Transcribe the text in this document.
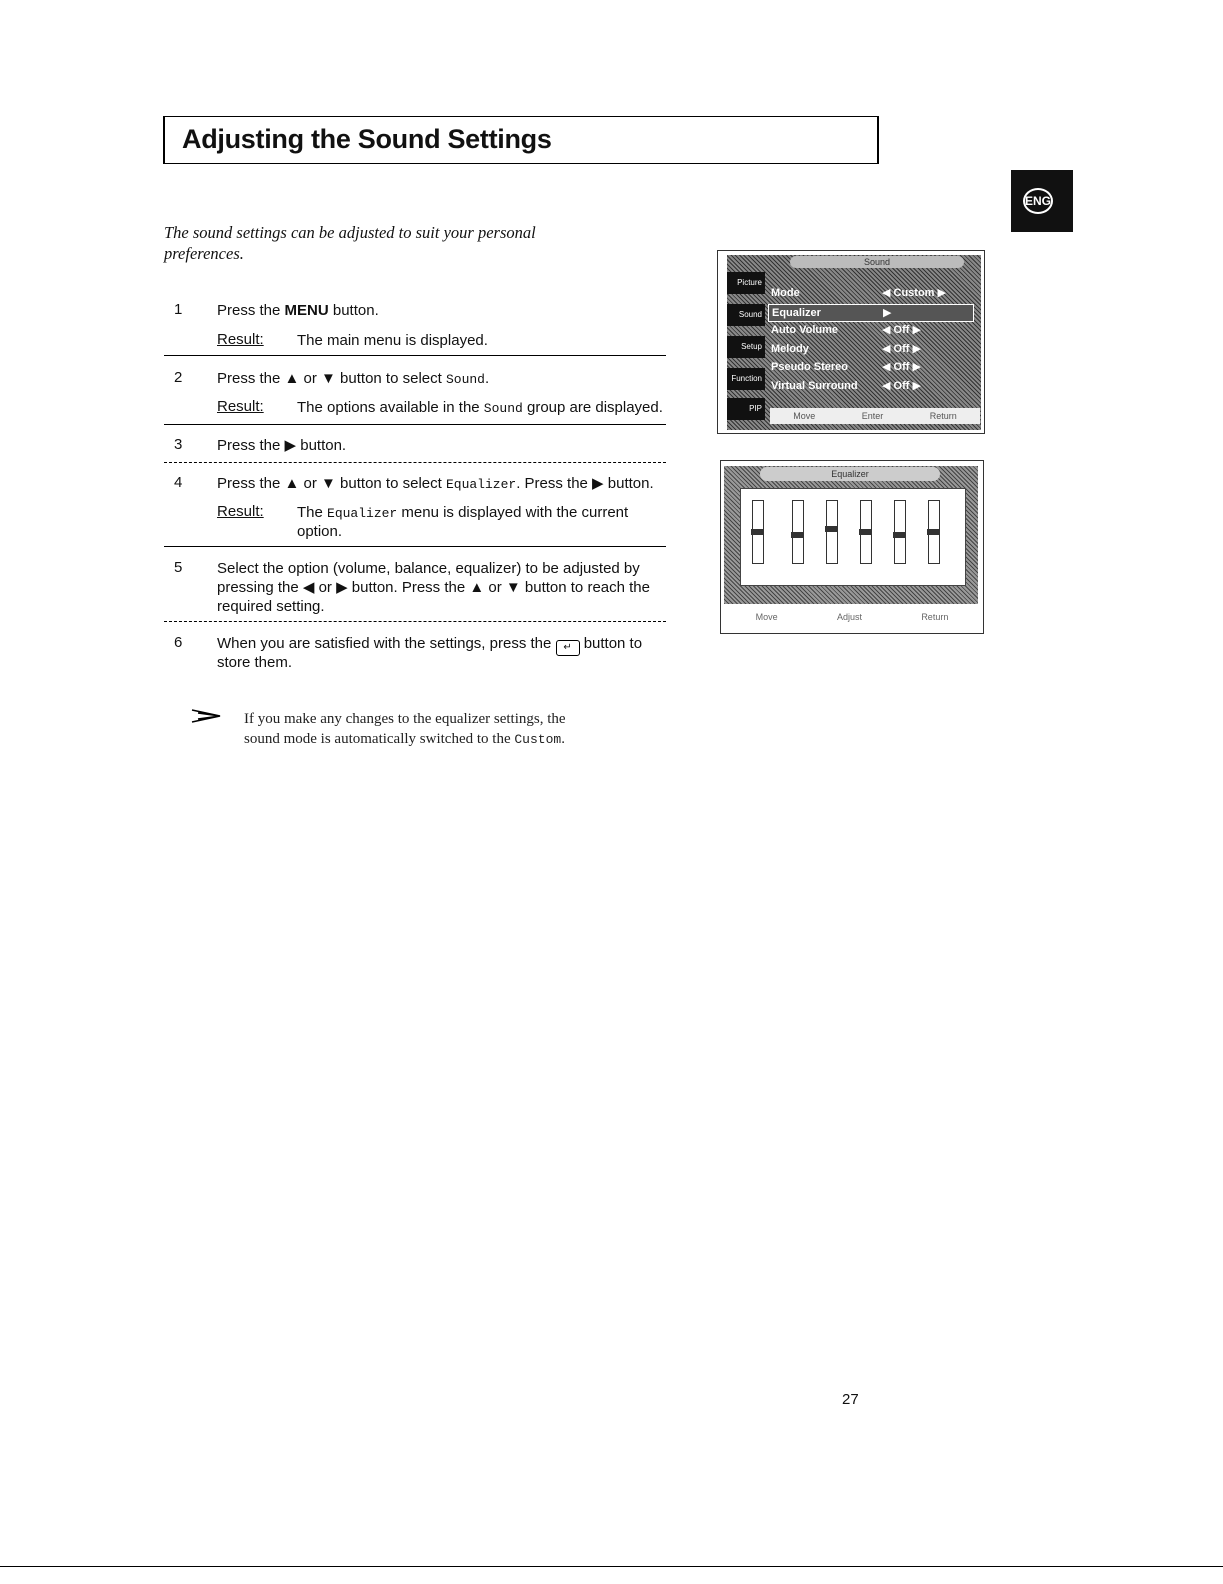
Adjusting the Sound Settings
ENG
The sound settings can be adjusted to suit your personal preferences.
1 Press the MENU button.
Result: The main menu is displayed.
2 Press the ▲ or ▼ button to select Sound.
Result: The options available in the Sound group are displayed.
3 Press the ▶ button.
4 Press the ▲ or ▼ button to select Equalizer. Press the ▶ button.
Result: The Equalizer menu is displayed with the current
option.
5 Select the option (volume, balance, equalizer) to be adjusted by
pressing the ◀ or ▶ button. Press the ▲ or ▼ button to reach the
required setting.
6 When you are satisfied with the settings, press the ↵ button to
store them.
If you make any changes to the equalizer settings, the
sound mode is automatically switched to the Custom.
Sound
Picture
Sound
Setup
Function
PIP
Mode	◀ Custom ▶
Equalizer	▶
Auto Volume	◀ Off ▶
Melody	◀ Off ▶
Pseudo Stereo	◀ Off ▶
Virtual Surround ◀ Off ▶
Move	Enter	Return
Equalizer
Move	Adjust	Return
27
